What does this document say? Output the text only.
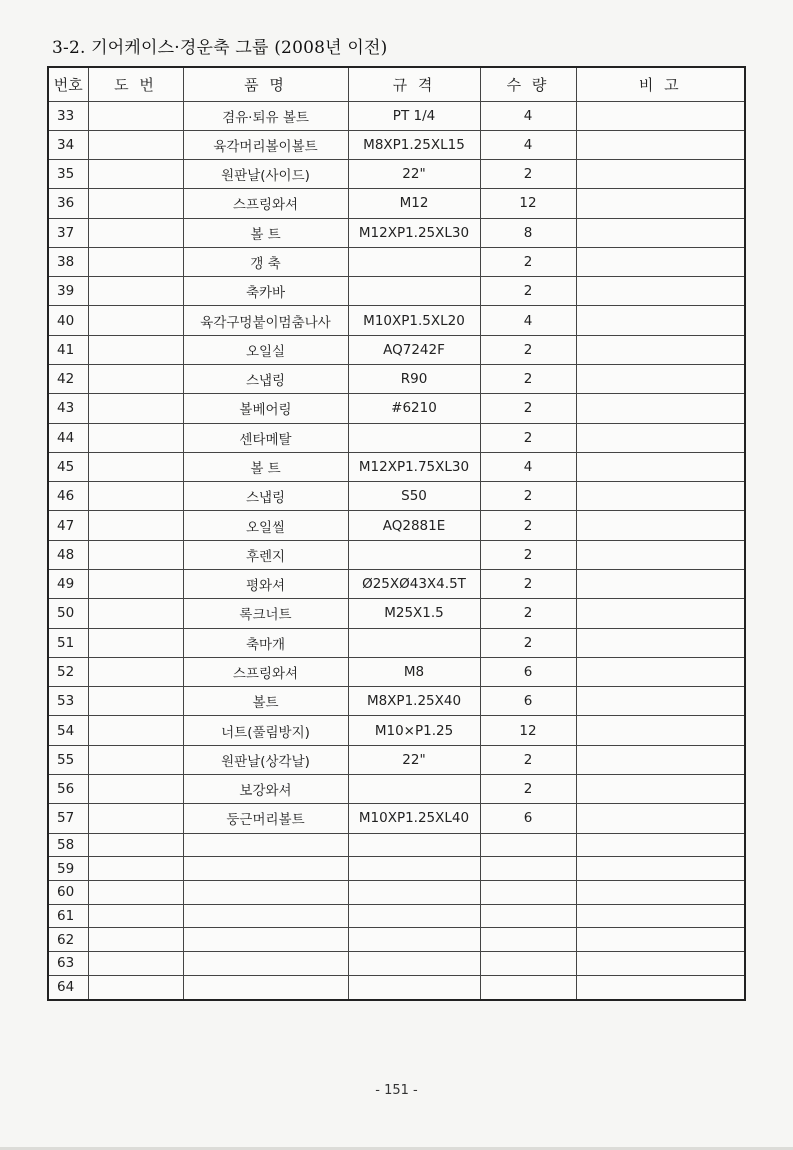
3-2. 기어케이스·경운축 그룹 (2008년 이전)
번호	도 번	품 명	규 격	수 량	비 고
33		겸유·퇴유 볼트	PT 1/4	4	
34		육각머리볼이볼트	M8XP1.25XL15	4	
35		원판날(사이드)	22"	2	
36		스프링와셔	M12	12	
37		볼 트	M12XP1.25XL30	8	
38		갱 축		2	
39		축카바		2	
40		육각구멍붙이멈춤나사	M10XP1.5XL20	4	
41		오일실	AQ7242F	2	
42		스냅링	R90	2	
43		볼베어링	#6210	2	
44		센타메탈		2	
45		볼 트	M12XP1.75XL30	4	
46		스냅링	S50	2	
47		오일씰	AQ2881E	2	
48		후렌지		2	
49		평와셔	Ø25XØ43X4.5T	2	
50		록크너트	M25X1.5	2	
51		축마개		2	
52		스프링와셔	M8	6	
53		볼트	M8XP1.25X40	6	
54		너트(풀림방지)	M10×P1.25	12	
55		원판날(상각날)	22"	2	
56		보강와셔		2	
57		둥근머리볼트	M10XP1.25XL40	6	
58					
59					
60					
61					
62					
63					
64					
- 151 -
